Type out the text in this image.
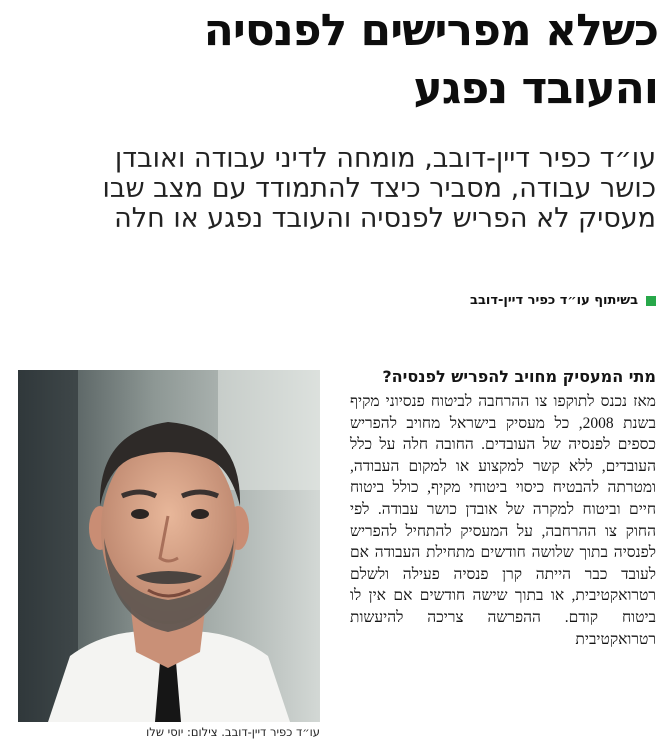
כשלא מפרישים לפנסיה
והעובד נפגע
עו״ד כפיר דיין-דובב, מומחה לדיני עבודה ואובדן
כושר עבודה, מסביר כיצד להתמודד עם מצב שבו
מעסיק לא הפריש לפנסיה והעובד נפגע או חלה
בשיתוף עו״ד כפיר דיין-דובב
מתי המעסיק מחויב להפריש לפנסיה?

מאז נכנס לתוקפו צו ההרחבה לביטוח פנסיוני מקיף בשנת 2008, כל מעסיק בישראל מחויב להפריש כספים לפנסיה של העובדים. החובה חלה על כלל העובדים, ללא קשר למקצוע או למקום העבודה, ומטרתה להבטיח כיסוי ביטוחי מקיף, כולל ביטוח חיים וביטוח למקרה של אובדן כושר עבודה. לפי החוק צו ההרחבה, על המעסיק להתחיל להפריש לפנסיה בתוך שלושה חודשים מתחילת העבודה אם לעובד כבר הייתה קרן פנסיה פעילה ולשלם רטרואקטיבית, או בתוך שישה חודשים אם אין לו ביטוח קודם. ההפרשה צריכה להיעשות רטרואקטיבית

עו״ד כפיר דיין-דובב. צילום: יוסי שלו
